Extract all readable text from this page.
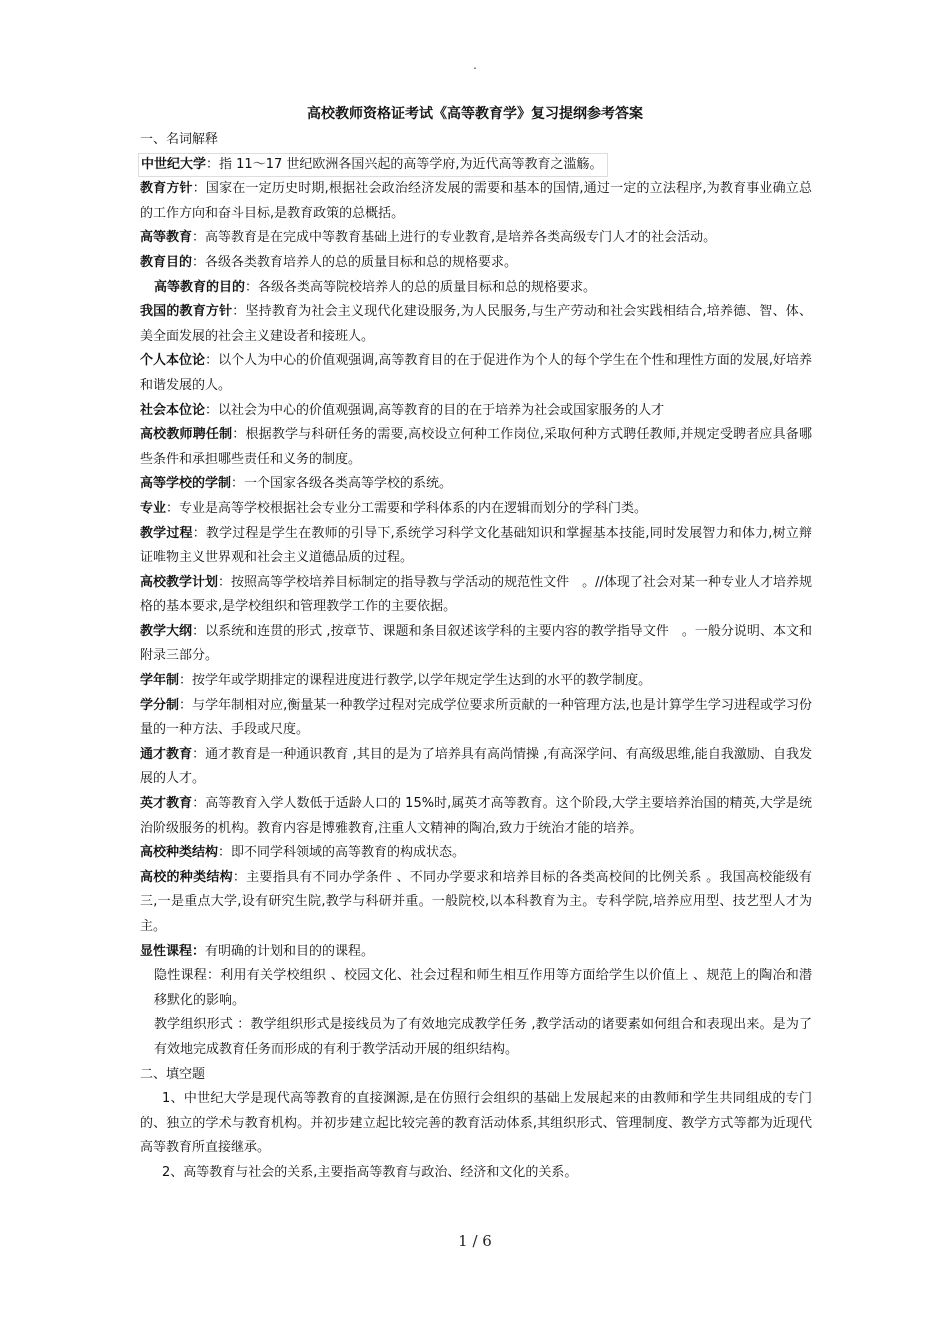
.
高校教师资格证考试《高等教育学》复习提纲参考答案

一、名词解释

中世纪大学：指 11～17 世纪欧洲各国兴起的高等学府,为近代高等教育之滥觞。

教育方针：国家在一定历史时期,根据社会政治经济发展的需要和基本的国情,通过一定的立法程序,为教育事业确立总的工作方向和奋斗目标,是教育政策的总概括。

高等教育：高等教育是在完成中等教育基础上进行的专业教育,是培养各类高级专门人才的社会活动。

教育目的：各级各类教育培养人的总的质量目标和总的规格要求。

高等教育的目的：各级各类高等院校培养人的总的质量目标和总的规格要求。

我国的教育方针：坚持教育为社会主义现代化建设服务,为人民服务,与生产劳动和社会实践相结合,培养德、智、体、美全面发展的社会主义建设者和接班人。

个人本位论：以个人为中心的价值观强调,高等教育目的在于促进作为个人的每个学生在个性和理性方面的发展,好培养和谐发展的人。

社会本位论：以社会为中心的价值观强调,高等教育的目的在于培养为社会或国家服务的人才

高校教师聘任制：根据教学与科研任务的需要,高校设立何种工作岗位,采取何种方式聘任教师,并规定受聘者应具备哪些条件和承担哪些责任和义务的制度。

高等学校的学制：一个国家各级各类高等学校的系统。

专业：专业是高等学校根据社会专业分工需要和学科体系的内在逻辑而划分的学科门类。

教学过程：教学过程是学生在教师的引导下,系统学习科学文化基础知识和掌握基本技能,同时发展智力和体力,树立辩证唯物主义世界观和社会主义道德品质的过程。

高校教学计划：按照高等学校培养目标制定的指导教与学活动的规范性文件　。//体现了社会对某一种专业人才培养规格的基本要求,是学校组织和管理教学工作的主要依据。

教学大纲：以系统和连贯的形式 ,按章节、课题和条目叙述该学科的主要内容的教学指导文件　。一般分说明、本文和附录三部分。

学年制：按学年或学期排定的课程进度进行教学,以学年规定学生达到的水平的教学制度。

学分制：与学年制相对应,衡量某一种教学过程对完成学位要求所贡献的一种管理方法,也是计算学生学习进程或学习份量的一种方法、手段或尺度。

通才教育：通才教育是一种通识教育 ,其目的是为了培养具有高尚情操 ,有高深学问、有高级思维,能自我激励、自我发展的人才。

英才教育：高等教育入学人数低于适龄人口的 15%时,属英才高等教育。这个阶段,大学主要培养治国的精英,大学是统治阶级服务的机构。教育内容是博雅教育,注重人文精神的陶冶,致力于统治才能的培养。

高校种类结构：即不同学科领域的高等教育的构成状态。

高校的种类结构：主要指具有不同办学条件 、不同办学要求和培养目标的各类高校间的比例关系 。我国高校能级有三,一是重点大学,设有研究生院,教学与科研并重。一般院校,以本科教育为主。专科学院,培养应用型、技艺型人才为主。

显性课程：有明确的计划和目的的课程。

隐性课程：利用有关学校组织 、校园文化、社会过程和师生相互作用等方面给学生以价值上 、规范上的陶冶和潜移默化的影响。

教学组织形式 ：教学组织形式是接线员为了有效地完成教学任务 ,教学活动的诸要素如何组合和表现出来。是为了有效地完成教育任务而形成的有利于教学活动开展的组织结构。

二、填空题

1、中世纪大学是现代高等教育的直接渊源,是在仿照行会组织的基础上发展起来的由教师和学生共同组成的专门的、独立的学术与教育机构。并初步建立起比较完善的教育活动体系,其组织形式、管理制度、教学方式等都为近现代高等教育所直接继承。

2、高等教育与社会的关系,主要指高等教育与政治、经济和文化的关系。

1 / 6
